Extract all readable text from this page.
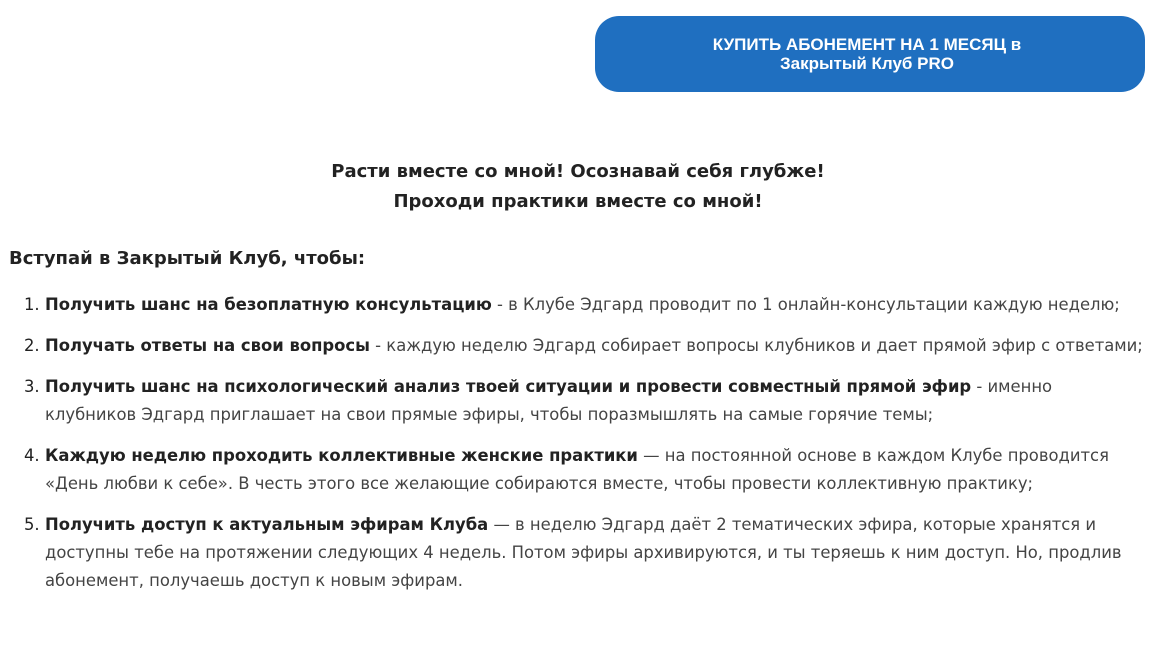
КУПИТЬ АБОНЕМЕНТ НА 1 МЕСЯЦ в
Закрытый Клуб PRO
Расти вместе со мной! Осознавай себя глубже!
Проходи практики вместе со мной!

Вступай в Закрытый Клуб, чтобы:

1. Получить шанс на безоплатную консультацию - в Клубе Эдгард проводит по 1 онлайн-консультации каждую неделю;
2. Получать ответы на свои вопросы - каждую неделю Эдгард собирает вопросы клубников и дает прямой эфир с ответами;
3. Получить шанс на психологический анализ твоей ситуации и провести совместный прямой эфир - именно клубников Эдгард приглашает на свои прямые эфиры, чтобы поразмышлять на самые горячие темы;
4. Каждую неделю проходить коллективные женские практики — на постоянной основе в каждом Клубе проводится «День любви к себе». В честь этого все желающие собираются вместе, чтобы провести коллективную практику;
5. Получить доступ к актуальным эфирам Клуба — в неделю Эдгард даёт 2 тематических эфира, которые хранятся и доступны тебе на протяжении следующих 4 недель. Потом эфиры архивируются, и ты теряешь к ним доступ. Но, продлив абонемент, получаешь доступ к новым эфирам.
